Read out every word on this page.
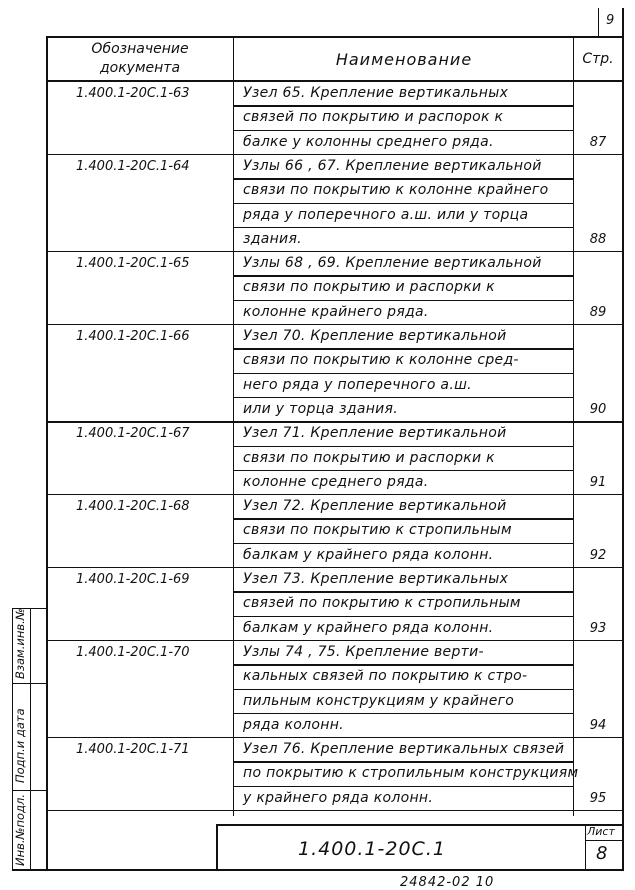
9
Обозначение
документа	Наименование	Стр.
1.400.1-20С.1-63	Узел 65. Крепление вертикальных
связей по покрытию и распорок к
балке у колонны среднего ряда.	87
1.400.1-20С.1-64	Узлы 66 , 67. Крепление вертикальной
связи по покрытию к колонне крайнего
ряда у поперечного а.ш. или у торца
здания.	88
1.400.1-20С.1-65	Узлы 68 , 69. Крепление вертикальной
связи по покрытию и распорки к
колонне крайнего ряда.	89
1.400.1-20С.1-66	Узел 70. Крепление вертикальной
связи по покрытию к колонне сред-
него ряда у поперечного а.ш.
или у торца здания.	90
1.400.1-20С.1-67	Узел 71. Крепление вертикальной
связи по покрытию и распорки к
колонне среднего ряда.	91
1.400.1-20С.1-68	Узел 72. Крепление вертикальной
связи по покрытию к стропильным
балкам у крайнего ряда колонн.	92
1.400.1-20С.1-69	Узел 73. Крепление вертикальных
связей по покрытию к стропильным
балкам у крайнего ряда колонн.	93
1.400.1-20С.1-70	Узлы 74 , 75. Крепление верти-
кальных связей по покрытию к стро-
пильным конструкциям у крайнего
ряда колонн.	94
1.400.1-20С.1-71	Узел 76. Крепление вертикальных связей
по покрытию к стропильным конструкциям
у крайнего ряда колонн.	95
Взам.инв.№
Подп.и дата
Инв.№подл.	1.400.1-20С.1
Лист
8
24842-02 10
